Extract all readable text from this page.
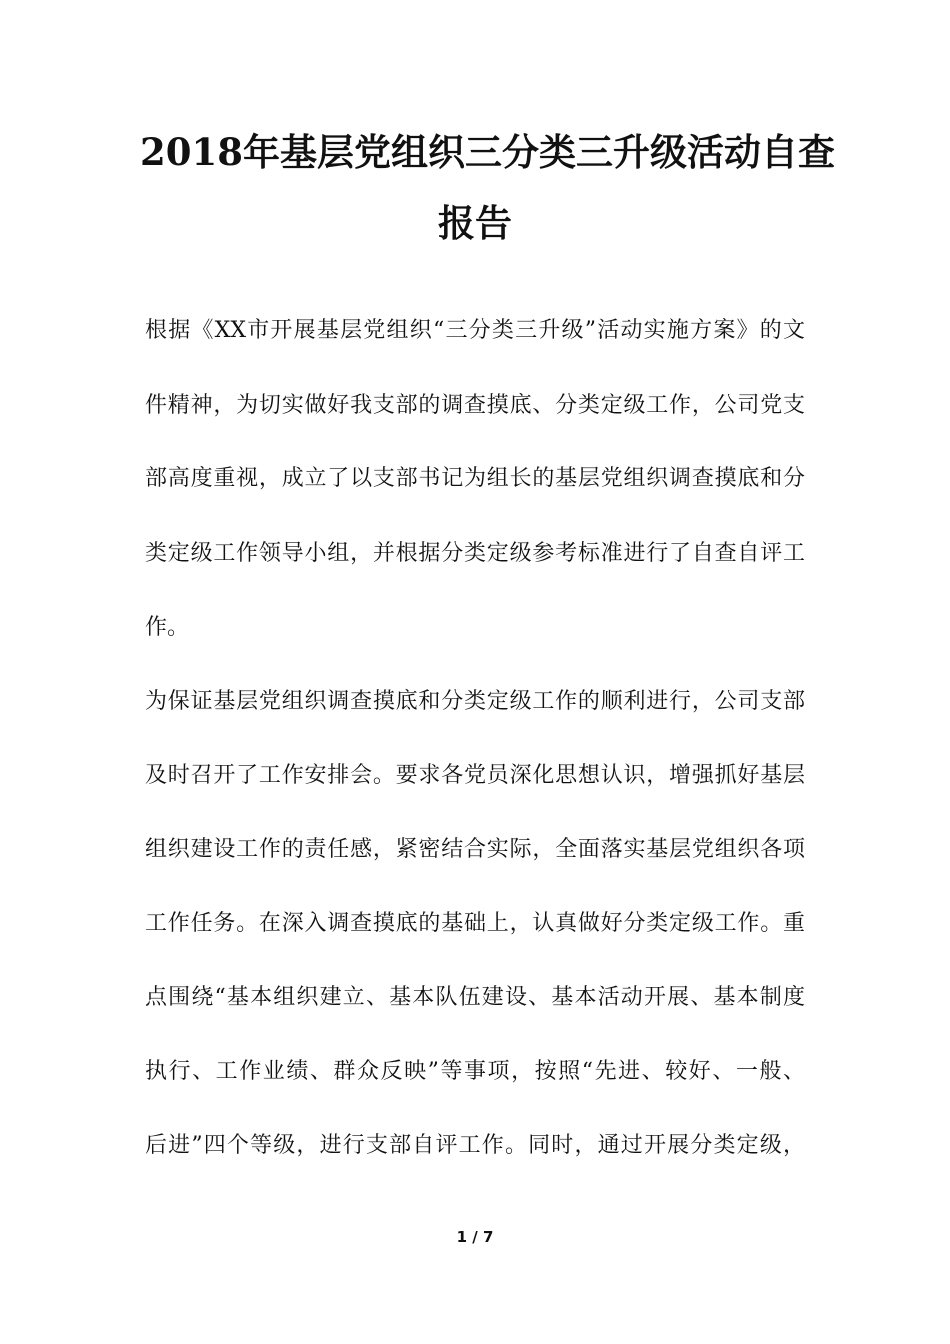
2018年基层党组织三分类三升级活动自查
报告
根据《XX市开展基层党组织“三分类三升级”活动实施方案》的文
件精神，为切实做好我支部的调查摸底、分类定级工作，公司党支
部高度重视，成立了以支部书记为组长的基层党组织调查摸底和分
类定级工作领导小组，并根据分类定级参考标准进行了自查自评工
作。
为保证基层党组织调查摸底和分类定级工作的顺利进行，公司支部
及时召开了工作安排会。要求各党员深化思想认识，增强抓好基层
组织建设工作的责任感，紧密结合实际，全面落实基层党组织各项
工作任务。在深入调查摸底的基础上，认真做好分类定级工作。重
点围绕“基本组织建立、基本队伍建设、基本活动开展、基本制度
执行、工作业绩、群众反映”等事项，按照“先进、较好、一般、
后进”四个等级，进行支部自评工作。同时，通过开展分类定级，
1 / 7
